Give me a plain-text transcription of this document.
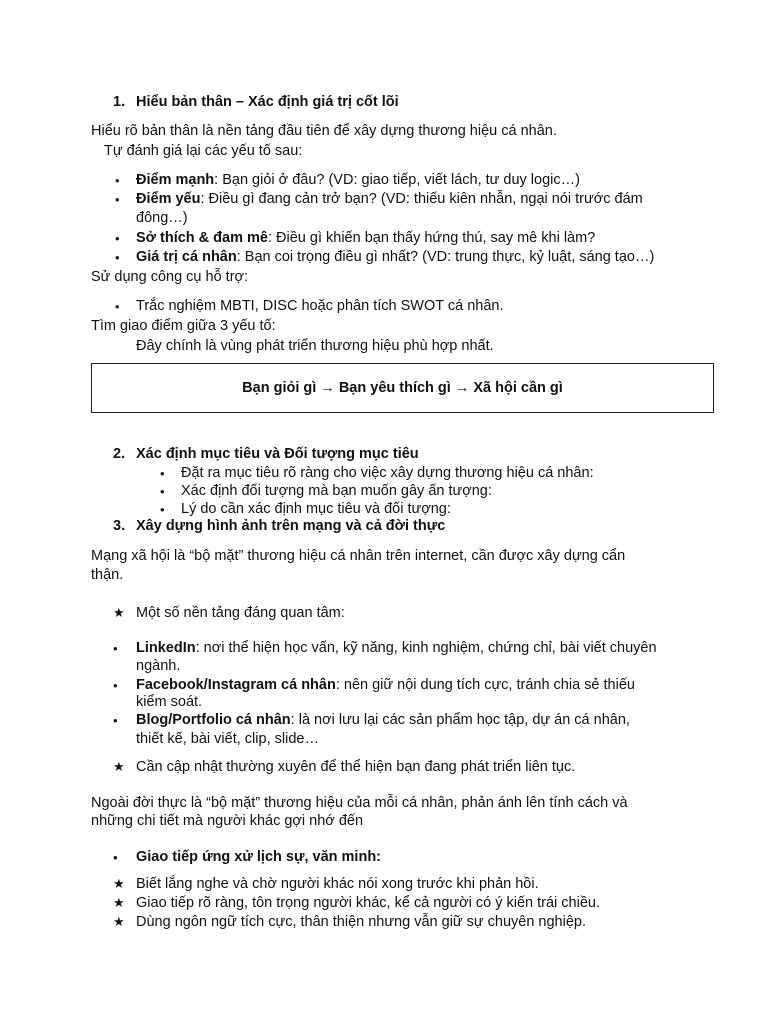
1. Hiểu bản thân – Xác định giá trị cốt lõi
Hiểu rõ bản thân là nền tảng đầu tiên để xây dựng thương hiệu cá nhân.
Tự đánh giá lại các yếu tố sau:
• Điểm mạnh: Bạn giỏi ở đâu? (VD: giao tiếp, viết lách, tư duy logic…)
• Điểm yếu: Điều gì đang cản trở bạn? (VD: thiếu kiên nhẫn, ngại nói trước đám
đông…)
• Sở thích & đam mê: Điều gì khiến bạn thấy hứng thú, say mê khi làm?
• Giá trị cá nhân: Bạn coi trọng điều gì nhất? (VD: trung thực, kỷ luật, sáng tạo…)
Sử dụng công cụ hỗ trợ:
• Trắc nghiệm MBTI, DISC hoặc phân tích SWOT cá nhân.
Tìm giao điểm giữa 3 yếu tố:
Đây chính là vùng phát triển thương hiệu phù hợp nhất.
Bạn giỏi gì → Bạn yêu thích gì → Xã hội cần gì
2. Xác định mục tiêu và Đối tượng mục tiêu
• Đặt ra mục tiêu rõ ràng cho việc xây dựng thương hiệu cá nhân:
• Xác định đối tượng mà bạn muốn gây ấn tượng:
• Lý do cần xác định mục tiêu và đối tượng:
3. Xây dựng hình ảnh trên mạng và cả đời thực
Mạng xã hội là “bộ mặt” thương hiệu cá nhân trên internet, cần được xây dựng cẩn
thận.
★ Một số nền tảng đáng quan tâm:
• LinkedIn: nơi thể hiện học vấn, kỹ năng, kinh nghiệm, chứng chỉ, bài viết chuyên
ngành.
• Facebook/Instagram cá nhân: nên giữ nội dung tích cực, tránh chia sẻ thiếu
kiểm soát.
• Blog/Portfolio cá nhân: là nơi lưu lại các sản phẩm học tập, dự án cá nhân,
thiết kế, bài viết, clip, slide…
★ Cần cập nhật thường xuyên để thể hiện bạn đang phát triển liên tục.
Ngoài đời thực là “bộ mặt” thương hiệu của mỗi cá nhân, phản ánh lên tính cách và
những chi tiết mà người khác gợi nhớ đến
• Giao tiếp ứng xử lịch sự, văn minh:
★ Biết lắng nghe và chờ người khác nói xong trước khi phản hồi.
★ Giao tiếp rõ ràng, tôn trọng người khác, kể cả người có ý kiến trái chiều.
★ Dùng ngôn ngữ tích cực, thân thiện nhưng vẫn giữ sự chuyên nghiệp.
